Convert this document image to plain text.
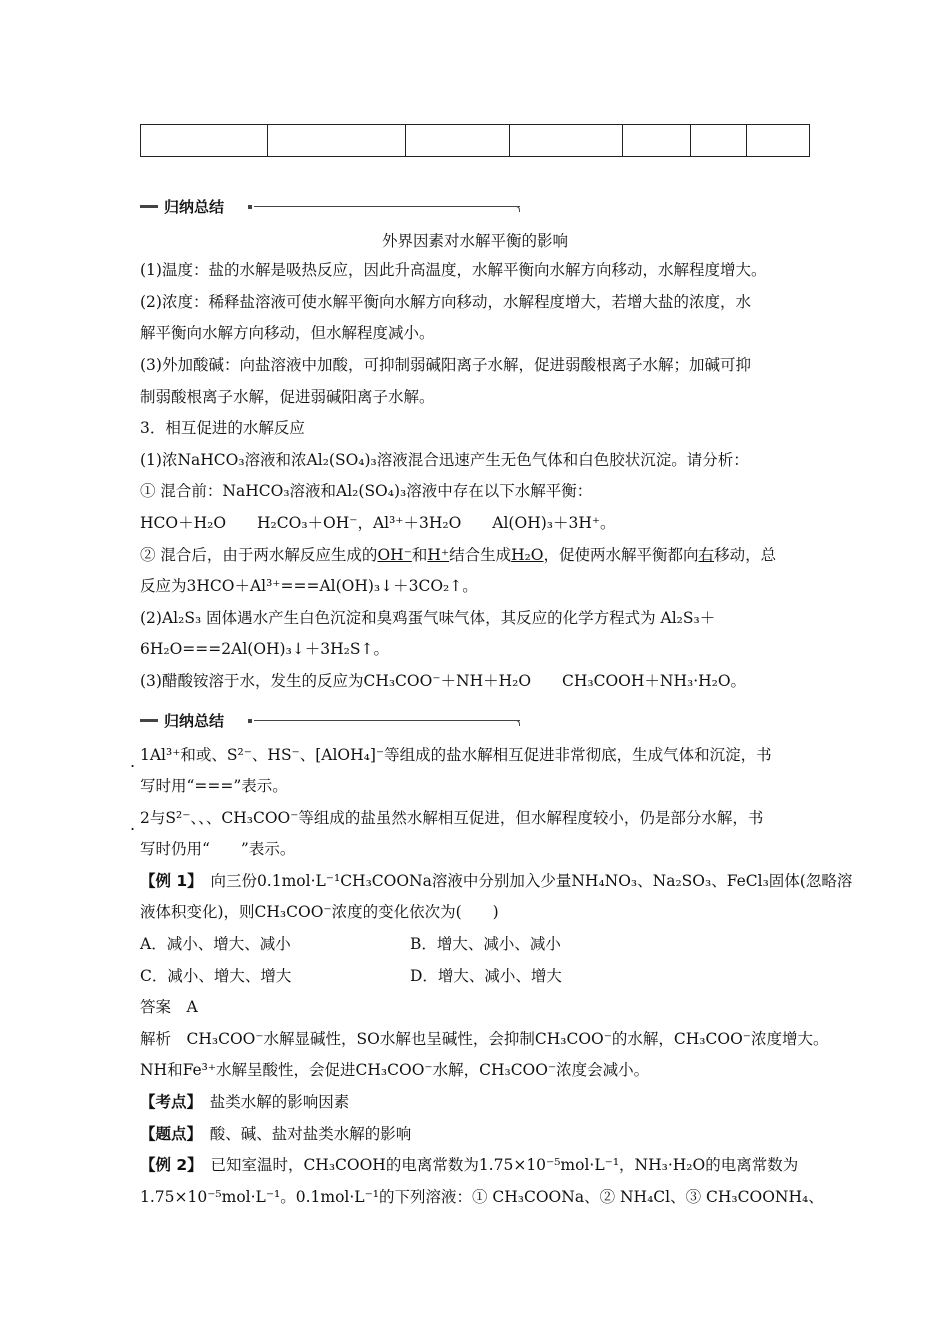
归纳总结
外界因素对水解平衡的影响
(1)温度：盐的水解是吸热反应，因此升高温度，水解平衡向水解方向移动，水解程度增大。
(2)浓度：稀释盐溶液可使水解平衡向水解方向移动，水解程度增大，若增大盐的浓度，水
解平衡向水解方向移动，但水解程度减小。
(3)外加酸碱：向盐溶液中加酸，可抑制弱碱阳离子水解，促进弱酸根离子水解；加碱可抑
制弱酸根离子水解，促进弱碱阳离子水解。
3．相互促进的水解反应
(1)浓NaHCO₃溶液和浓Al₂(SO₄)₃溶液混合迅速产生无色气体和白色胶状沉淀。请分析：
① 混合前：NaHCO₃溶液和Al₂(SO₄)₃溶液中存在以下水解平衡：
HCO＋H₂O　　H₂CO₃＋OH⁻，Al³⁺＋3H₂O　　Al(OH)₃＋3H⁺。
② 混合后，由于两水解反应生成的OH⁻和H⁺结合生成H₂O，促使两水解平衡都向右移动，总
反应为3HCO＋Al³⁺===Al(OH)₃↓＋3CO₂↑。
(2)Al₂S₃ 固体遇水产生白色沉淀和臭鸡蛋气味气体，其反应的化学方程式为 Al₂S₃＋
6H₂O===2Al(OH)₃↓＋3H₂S↑。
(3)醋酸铵溶于水，发生的反应为CH₃COO⁻＋NH＋H₂O　　CH₃COOH＋NH₃·H₂O。
归纳总结
. 1Al³⁺和或、S²⁻、HS⁻、[AlOH₄]⁻等组成的盐水解相互促进非常彻底，生成气体和沉淀，书
写时用“===”表示。
. 2与S²⁻、、、CH₃COO⁻等组成的盐虽然水解相互促进，但水解程度较小，仍是部分水解，书
写时仍用“　　”表示。
【例 1】　向三份0.1mol·L⁻¹CH₃COONa溶液中分别加入少量NH₄NO₃、Na₂SO₃、FeCl₃固体(忽略溶
液体积变化)，则CH₃COO⁻浓度的变化依次为(　　)
A．减小、增大、减小	B．增大、减小、减小
C．减小、增大、增大	D．增大、减小、增大
答案　A
解析　CH₃COO⁻水解显碱性，SO水解也呈碱性，会抑制CH₃COO⁻的水解，CH₃COO⁻浓度增大。
NH和Fe³⁺水解呈酸性，会促进CH₃COO⁻水解，CH₃COO⁻浓度会减小。
【考点】　盐类水解的影响因素
【题点】　酸、碱、盐对盐类水解的影响
【例 2】　已知室温时，CH₃COOH的电离常数为1.75×10⁻⁵mol·L⁻¹，NH₃·H₂O的电离常数为
1.75×10⁻⁵mol·L⁻¹。0.1mol·L⁻¹的下列溶液：① CH₃COONa、② NH₄Cl、③ CH₃COONH₄、
